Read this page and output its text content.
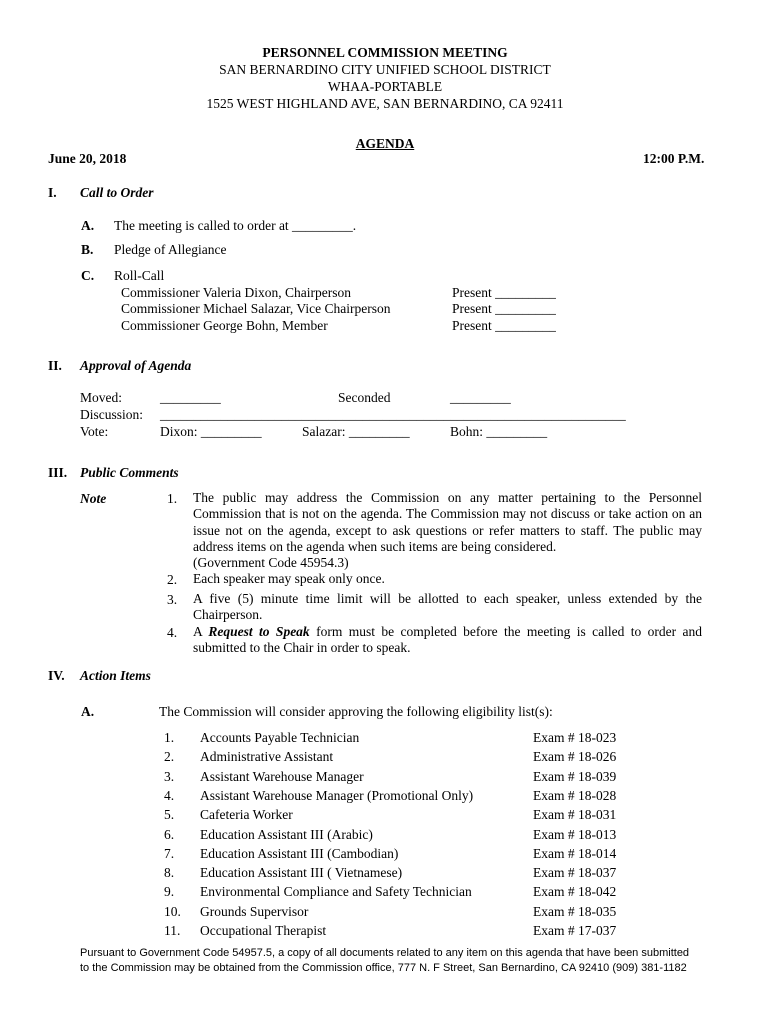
PERSONNEL COMMISSION MEETING
SAN BERNARDINO CITY UNIFIED SCHOOL DISTRICT
WHAA-PORTABLE
1525 WEST HIGHLAND AVE, SAN BERNARDINO, CA 92411
AGENDA
June 20, 2018	12:00 P.M.
I. Call to Order
A. The meeting is called to order at _________.
B. Pledge of Allegiance
C. Roll-Call
Commissioner Valeria Dixon, Chairperson	Present _________
Commissioner Michael Salazar, Vice Chairperson	Present _________
Commissioner George Bohn, Member	Present _________
II. Approval of Agenda
Moved:	_________	Seconded	_________
Discussion: _____________________________________________________________________
Vote:	Dixon: _________	Salazar: _________	Bohn: _________
III. Public Comments
Note	1. The public may address the Commission on any matter pertaining to the Personnel Commission that is not on the agenda. The Commission may not discuss or take action on an issue not on the agenda, except to ask questions or refer matters to staff. The public may address items on the agenda when such items are being considered.
(Government Code 45954.3)
2. Each speaker may speak only once.
3. A five (5) minute time limit will be allotted to each speaker, unless extended by the Chairperson.
4. A Request to Speak form must be completed before the meeting is called to order and submitted to the Chair in order to speak.
IV. Action Items
A.	The Commission will consider approving the following eligibility list(s):
1. Accounts Payable Technician	Exam # 18-023
2. Administrative Assistant	Exam # 18-026
3. Assistant Warehouse Manager	Exam # 18-039
4. Assistant Warehouse Manager (Promotional Only)	Exam # 18-028
5. Cafeteria Worker	Exam # 18-031
6. Education Assistant III (Arabic)	Exam # 18-013
7. Education Assistant III (Cambodian)	Exam # 18-014
8. Education Assistant III ( Vietnamese)	Exam # 18-037
9. Environmental Compliance and Safety Technician	Exam # 18-042
10. Grounds Supervisor	Exam # 18-035
11. Occupational Therapist	Exam # 17-037
Pursuant to Government Code 54957.5, a copy of all documents related to any item on this agenda that have been submitted
to the Commission may be obtained from the Commission office, 777 N. F Street, San Bernardino, CA 92410 (909) 381-1182
